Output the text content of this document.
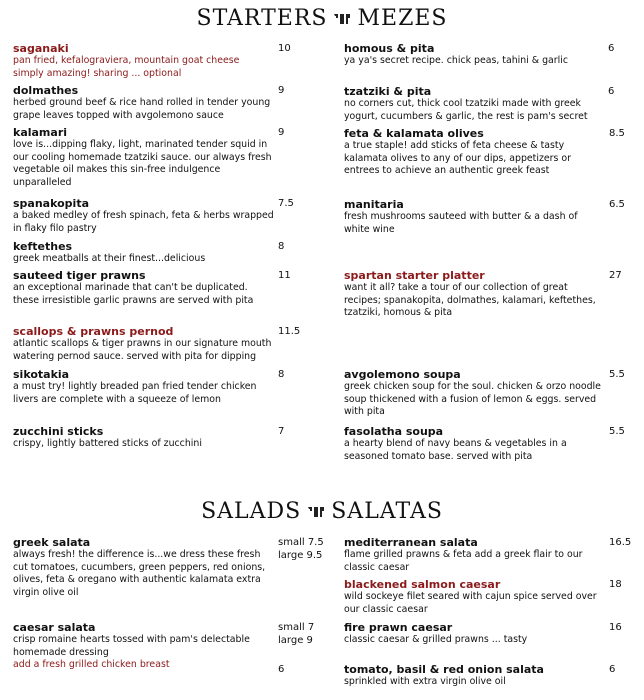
STARTERS MEZES
SALADS SALATAS
saganaki
pan fried, kefalograviera, mountain goat cheese
simply amazing! sharing ... optional
10
dolmathes
herbed ground beef & rice hand rolled in tender young grape leaves topped with avgolemono sauce
9
kalamari
love is...dipping flaky, light, marinated tender squid in our cooling homemade tzatziki sauce. our always fresh vegetable oil makes this sin-free indulgence unparalleled
9
spanakopita
a baked medley of fresh spinach, feta & herbs wrapped in flaky filo pastry
7.5
keftethes
greek meatballs at their finest...delicious
8
sauteed tiger prawns
an exceptional marinade that can't be duplicated. these irresistible garlic prawns are served with pita
11
scallops & prawns pernod
atlantic scallops & tiger prawns in our signature mouth watering pernod sauce. served with pita for dipping
11.5
sikotakia
a must try! lightly breaded pan fried tender chicken livers are complete with a squeeze of lemon
8
zucchini sticks
crispy, lightly battered sticks of zucchini
7
homous & pita
ya ya's secret recipe. chick peas, tahini & garlic
6
tzatziki & pita
no corners cut, thick cool tzatziki made with greek yogurt, cucumbers & garlic, the rest is pam's secret
6
feta & kalamata olives
a true staple! add sticks of feta cheese & tasty kalamata olives to any of our dips, appetizers or entrees to achieve an authentic greek feast
8.5
manitaria
fresh mushrooms sauteed with butter & a dash of white wine
6.5
spartan starter platter
want it all? take a tour of our collection of great recipes; spanakopita, dolmathes, kalamari, keftethes, tzatziki, homous & pita
27
avgolemono soupa
greek chicken soup for the soul. chicken & orzo noodle soup thickened with a fusion of lemon & eggs. served with pita
5.5
fasolatha soupa
a hearty blend of navy beans & vegetables in a seasoned tomato base. served with pita
5.5
greek salata
always fresh! the difference is...we dress these fresh cut tomatoes, cucumbers, green peppers, red onions, olives, feta & oregano with authentic kalamata extra virgin olive oil
small 7.5
large 9.5
caesar salata
crisp romaine hearts tossed with pam's delectable homemade dressing
add a fresh grilled chicken breast
small 7
large 9
6
mediterranean salata
flame grilled prawns & feta add a greek flair to our classic caesar
16.5
blackened salmon caesar
wild sockeye filet seared with cajun spice served over our classic caesar
18
fire prawn caesar
classic caesar & grilled prawns ... tasty
16
tomato, basil & red onion salata
sprinkled with extra virgin olive oil
6
